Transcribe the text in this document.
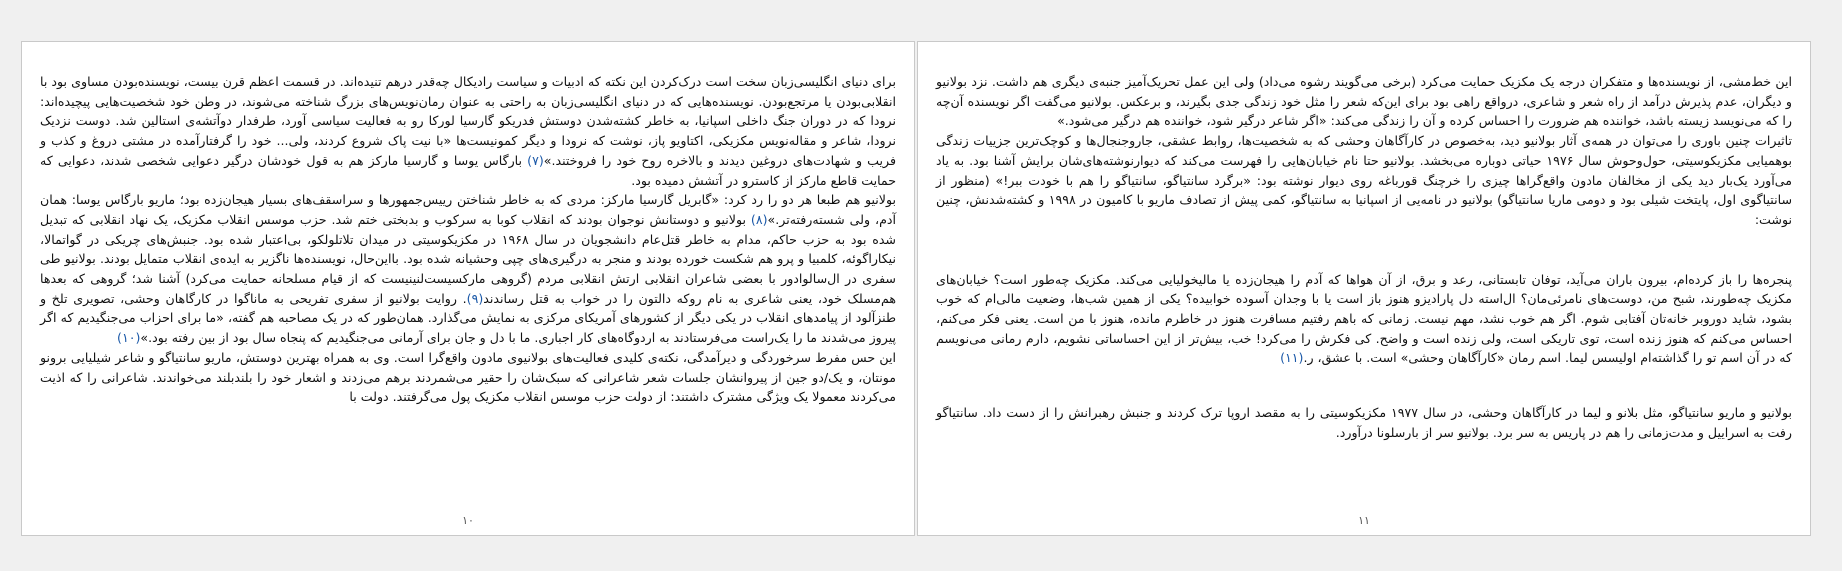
برای دنیای انگلیسی‌زبان سخت است درک‌کردن این نکته که ادبیات و سیاست رادیکال چه‌قدر درهم تنیده‌اند. در قسمت اعظم قرن بیست، نویسنده‌بودن مساوی بود با انقلابی‌بودن یا مرتجع‌بودن. نویسنده‌هایی که در دنیای انگلیسی‌زبان به راحتی به عنوان رمان‌نویس‌های بزرگ شناخته می‌شوند، در وطن خود شخصیت‌هایی پیچیده‌اند: نرودا که در دوران جنگ داخلی اسپانیا، به خاطر کشته‌شدن دوستش فدریکو گارسیا لورکا رو به فعالیت سیاسی آورد، طرفدار دوآتشه‌ی استالین شد. دوست نزدیک نرودا، شاعر و مقاله‌نویس مکزیکی، اکتاویو پاز، نوشت که نرودا و دیگر کمونیست‌ها «با نیت پاک شروع کردند، ولی... خود را گرفتارآمده در مشتی دروغ و کذب و فریب و شهادت‌های دروغین دیدند و بالاخره روح خود را فروختند.»(۷) بارگاس یوسا و گارسیا مارکز هم به قول خودشان درگیر دعوایی شخصی شدند، دعوایی که حمایت قاطع مارکز از کاسترو در آتشش دمیده بود.

بولانیو هم طبعا هر دو را رد کرد: «گابریل گارسیا مارکز: مردی که به خاطر شناختن رییس‌جمهورها و سراسقف‌های بسیار هیجان‌زده بود؛ ماریو بارگاس یوسا: همان آدم، ولی شسته‌رفته‌تر.»(۸) بولانیو و دوستانش نوجوان بودند که انقلاب کوبا به سرکوب و بدبختی ختم شد. حزب موسس انقلاب مکزیک، یک نهاد انقلابی که تبدیل شده بود به حزب حاکم، مدام به خاطر قتل‌عام دانشجویان در سال ۱۹۶۸ در مکزیکوسیتی در میدان تلاتلولکو، بی‌اعتبار شده بود. جنبش‌های چریکی در گواتمالا، نیکاراگوئه، کلمبیا و پرو هم شکست خورده بودند و منجر به درگیری‌های چپی وحشیانه شده بود. بااین‌حال، نویسنده‌ها ناگزیر به ایده‌ی انقلاب متمایل بودند. بولانیو طی سفری در ال‌سالوادور با بعضی شاعران انقلابی ارتش انقلابی مردم (گروهی مارکسیست‌لنینیست که از قیام مسلحانه حمایت می‌کرد) آشنا شد؛ گروهی که بعدها هم‌مسلک خود، یعنی شاعری به نام روکه دالتون را در خواب به قتل رساندند(۹). روایت بولانیو از سفری تفریحی به ماناگوا در کارگاهان وحشی، تصویری تلخ و طنزآلود از پیامدهای انقلاب در یکی دیگر از کشورهای آمریکای مرکزی به نمایش می‌گذارد. همان‌طور که در یک مصاحبه هم گفته، «ما برای احزاب می‌جنگیدیم که اگر پیروز می‌شدند ما را یک‌راست می‌فرستادند به اردوگاه‌های کار اجباری. ما با دل و جان برای آرمانی می‌جنگیدیم که پنجاه سال بود از بین رفته بود.»(۱۰)

این حس مفرط سرخوردگی و دیرآمدگی، نکته‌ی کلیدی فعالیت‌های بولانیوی مادون واقع‌گرا است. وی به همراه بهترین دوستش، ماریو سانتیاگو و شاعر شیلیایی برونو مونتان، و یک/دو جین از پیروانشان جلسات شعر شاعرانی که سبک‌شان را حقیر می‌شمردند برهم می‌زدند و اشعار خود را بلندبلند می‌خواندند. شاعرانی را که اذیت می‌کردند معمولا یک ویژگی مشترک داشتند: از دولت حزب موسس انقلاب مکزیک پول می‌گرفتند. دولت با

۱۰

این خط‌مشی، از نویسنده‌ها و متفکران درجه یک مکزیک حمایت می‌کرد (برخی می‌گویند رشوه می‌داد) ولی این عمل تحریک‌آمیز جنبه‌ی دیگری هم داشت. نزد بولانیو و دیگران، عدم پذیرش درآمد از راه شعر و شاعری، درواقع راهی بود برای این‌که شعر را مثل خود زندگی جدی بگیرند، و برعکس. بولانیو می‌گفت اگر نویسنده آن‌چه را که می‌نویسد زیسته باشد، خواننده هم ضرورت را احساس کرده و آن را زندگی می‌کند: «اگر شاعر درگیر شود، خواننده هم درگیر می‌شود.»

تاثیرات چنین باوری را می‌توان در همه‌ی آثار بولانیو دید، به‌خصوص در کارآگاهان وحشی که به شخصیت‌ها، روابط عشقی، جاروجنجال‌ها و کوچک‌ترین جزییات زندگی بوهمیایی مکزیکوسیتی، حول‌وحوش سال ۱۹۷۶ حیاتی دوباره می‌بخشد. بولانیو حتا نام خیابان‌هایی را فهرست می‌کند که دیوارنوشته‌های‌شان برایش آشنا بود. به یاد می‌آورد یک‌بار دید یکی از مخالفان مادون واقع‌گراها چیزی را خرچنگ قورباغه روی دیوار نوشته بود: «برگرد سانتیاگو، سانتیاگو را هم با خودت ببر!» (منظور از سانتیاگوی اول، پایتخت شیلی بود و دومی ماریا سانتیاگو) بولانیو در نامه‌یی از اسپانیا به سانتیاگو، کمی پیش از تصادف ماریو با کامیون در ۱۹۹۸ و کشته‌شدنش، چنین نوشت:

پنجره‌ها را باز کرده‌ام، بیرون باران می‌آید، توفان تابستانی، رعد و برق، از آن هواها که آدم را هیجان‌زده یا مالیخولیایی می‌کند. مکزیک چه‌طور است؟ خیابان‌های مکزیک چه‌طورند، شبح من، دوست‌های نامرئی‌مان؟ ال‌استه دل پارادیزو هنوز باز است یا با وجدان آسوده خوابیده؟ یکی از همین شب‌ها، وضعیت مالی‌ام که خوب بشود، شاید دوروبر خانه‌تان آفتابی شوم. اگر هم خوب نشد، مهم نیست. زمانی که باهم رفتیم مسافرت هنوز در خاطرم مانده، هنوز با من است. یعنی فکر می‌کنم، احساس می‌کنم که هنوز زنده است، توی تاریکی است، ولی زنده است و واضح. کی فکرش را می‌کرد! خب، بیش‌تر از این احساساتی نشویم، دارم رمانی می‌نویسم که در آن اسم تو را گذاشته‌ام اولیسس لیما. اسم رمان «کارآگاهان وحشی» است. با عشق، ر.(۱۱)

بولانیو و ماریو سانتیاگو، مثل بلانو و لیما در کارآگاهان وحشی، در سال ۱۹۷۷ مکزیکوسیتی را به مقصد اروپا ترک کردند و جنبش رهبرانش را از دست داد. سانتیاگو رفت به اسراییل و مدت‌زمانی را هم در پاریس به سر برد. بولانیو سر از بارسلونا درآورد.

۱۱
